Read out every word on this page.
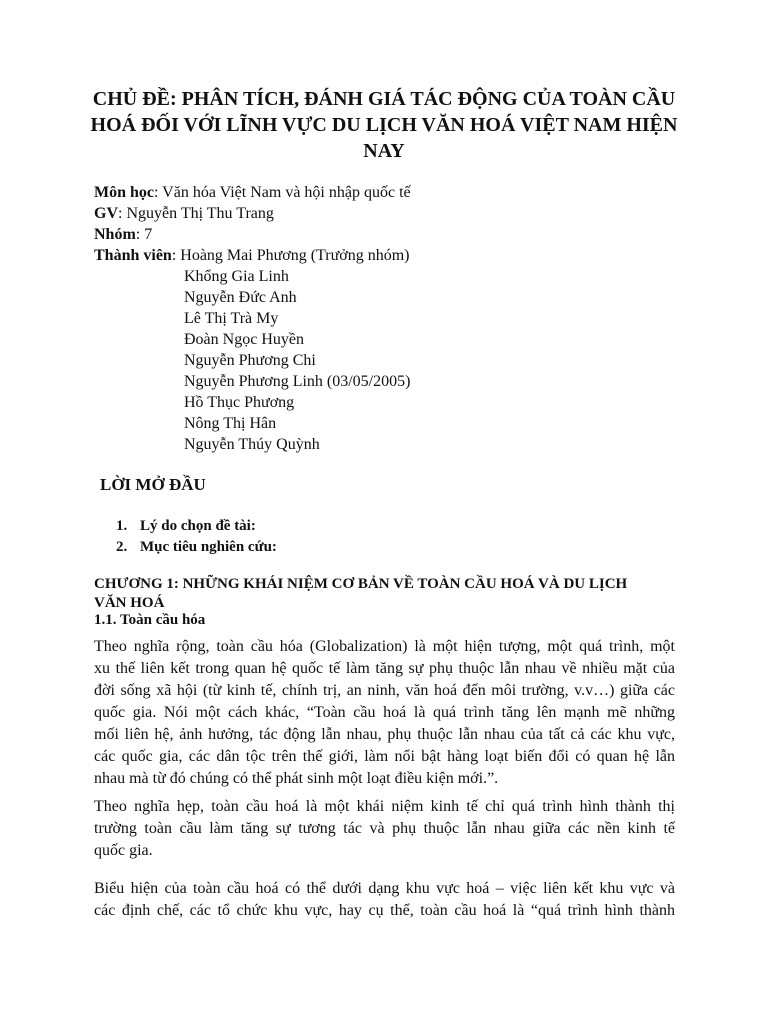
CHỦ ĐỀ: PHÂN TÍCH, ĐÁNH GIÁ TÁC ĐỘNG CỦA TOÀN CẦU
HOÁ ĐỐI VỚI LĨNH VỰC DU LỊCH VĂN HOÁ VIỆT NAM HIỆN
NAY
Môn học: Văn hóa Việt Nam và hội nhập quốc tế
GV: Nguyễn Thị Thu Trang
Nhóm: 7
Thành viên: Hoàng Mai Phương (Trưởng nhóm)
Khổng Gia Linh
Nguyễn Đức Anh
Lê Thị Trà My
Đoàn Ngọc Huyền
Nguyễn Phương Chi
Nguyễn Phương Linh (03/05/2005)
Hồ Thục Phương
Nông Thị Hân
Nguyễn Thúy Quỳnh
LỜI MỞ ĐẦU
1. Lý do chọn đề tài:
2. Mục tiêu nghiên cứu:
CHƯƠNG 1: NHỮNG KHÁI NIỆM CƠ BẢN VỀ TOÀN CẦU HOÁ VÀ DU LỊCH
VĂN HOÁ
1.1. Toàn cầu hóa
Theo nghĩa rộng, toàn cầu hóa (Globalization) là một hiện tượng, một quá trình, một
xu thế liên kết trong quan hệ quốc tế làm tăng sự phụ thuộc lẫn nhau về nhiều mặt của
đời sống xã hội (từ kinh tế, chính trị, an ninh, văn hoá đến môi trường, v.v…) giữa các
quốc gia. Nói một cách khác, “Toàn cầu hoá là quá trình tăng lên mạnh mẽ những
mối liên hệ, ảnh hưởng, tác động lẫn nhau, phụ thuộc lẫn nhau của tất cả các khu vực,
các quốc gia, các dân tộc trên thế giới, làm nổi bật hàng loạt biến đổi có quan hệ lẫn
nhau mà từ đó chúng có thể phát sinh một loạt điều kiện mới.”.
Theo nghĩa hẹp, toàn cầu hoá là một khái niệm kinh tế chỉ quá trình hình thành thị
trường toàn cầu làm tăng sự tương tác và phụ thuộc lẫn nhau giữa các nền kinh tế
quốc gia.
Biểu hiện của toàn cầu hoá có thể dưới dạng khu vực hoá – việc liên kết khu vực và
các định chế, các tổ chức khu vực, hay cụ thể, toàn cầu hoá là “quá trình hình thành
